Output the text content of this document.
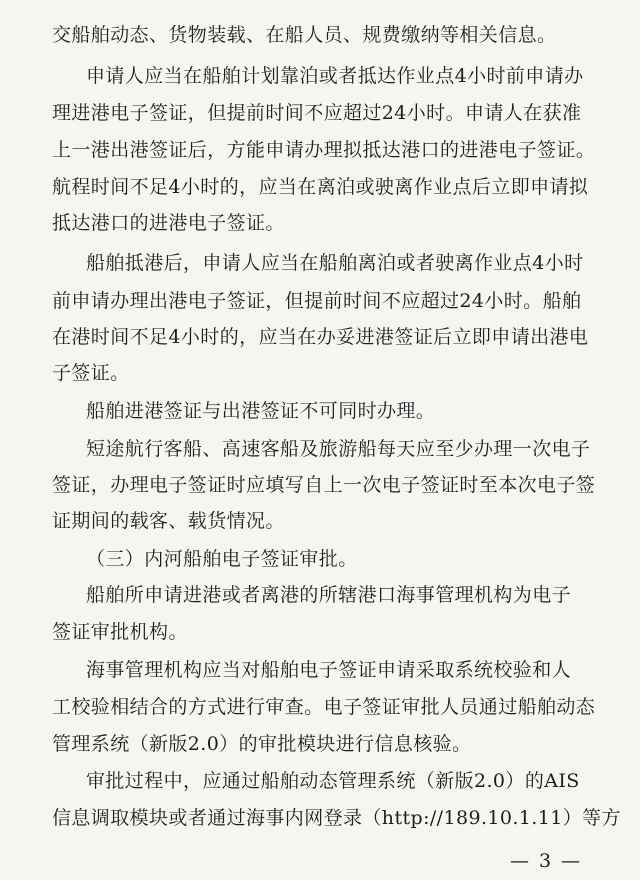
交船舶动态、货物装载、在船人员、规费缴纳等相关信息。
申请人应当在船舶计划靠泊或者抵达作业点4小时前申请办
理进港电子签证，但提前时间不应超过24小时。申请人在获准
上一港出港签证后，方能申请办理拟抵达港口的进港电子签证。
航程时间不足4小时的，应当在离泊或驶离作业点后立即申请拟
抵达港口的进港电子签证。
船舶抵港后，申请人应当在船舶离泊或者驶离作业点4小时
前申请办理出港电子签证，但提前时间不应超过24小时。船舶
在港时间不足4小时的，应当在办妥进港签证后立即申请出港电
子签证。
船舶进港签证与出港签证不可同时办理。
短途航行客船、高速客船及旅游船每天应至少办理一次电子
签证，办理电子签证时应填写自上一次电子签证时至本次电子签
证期间的载客、载货情况。
（三）内河船舶电子签证审批。
船舶所申请进港或者离港的所辖港口海事管理机构为电子
签证审批机构。
海事管理机构应当对船舶电子签证申请采取系统校验和人
工校验相结合的方式进行审查。电子签证审批人员通过船舶动态
管理系统（新版2.0）的审批模块进行信息核验。
审批过程中，应通过船舶动态管理系统（新版2.0）的AIS
信息调取模块或者通过海事内网登录（http://189.10.1.11）等方
— 3 —
